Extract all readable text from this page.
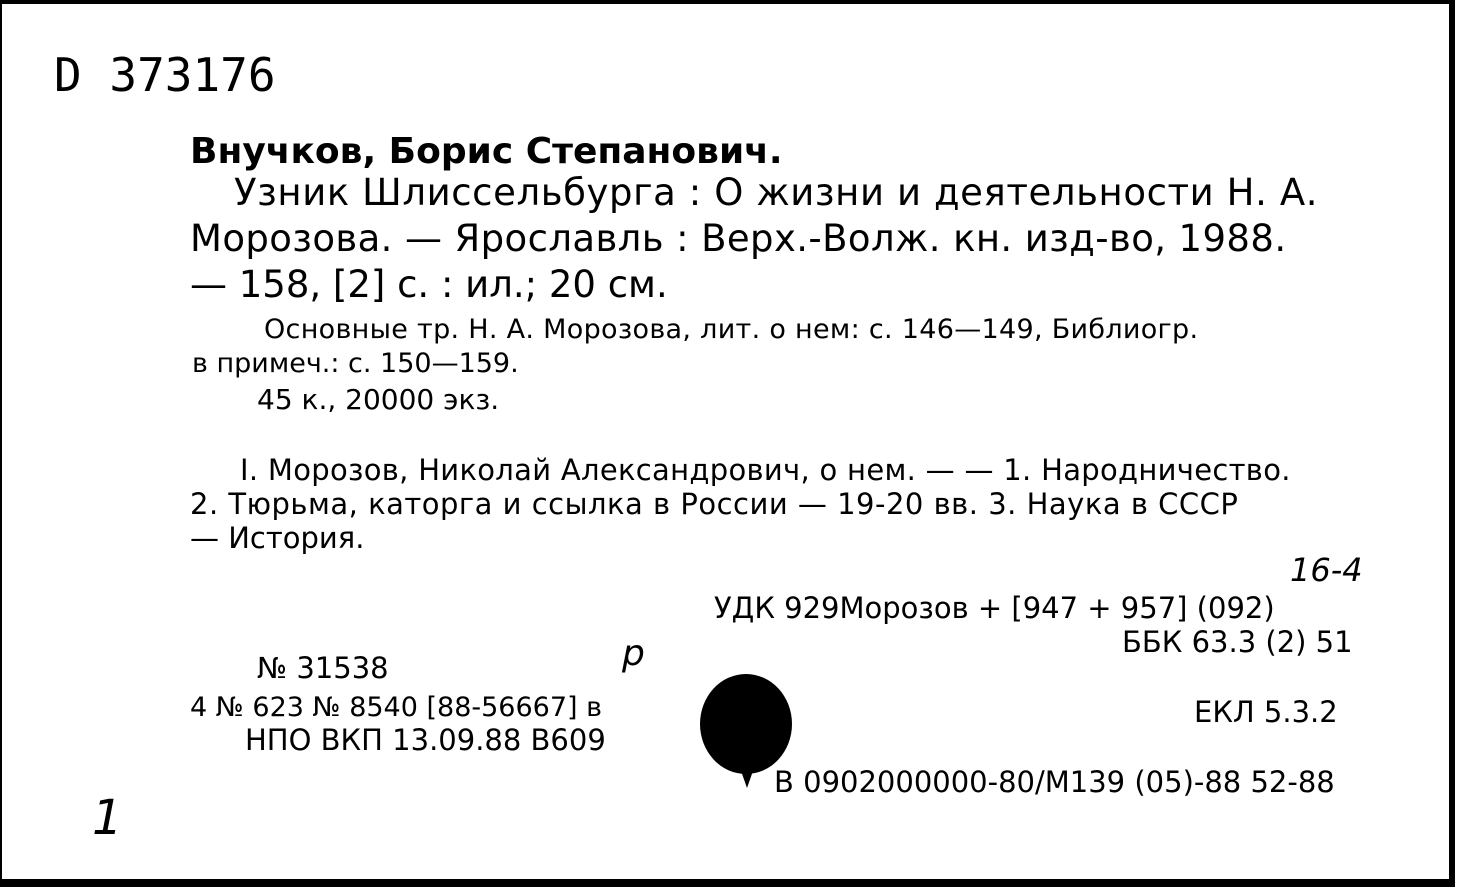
D 373176
Внучков, Борис Степанович.
Узник Шлиссельбурга : О жизни и деятельности Н. А.
Морозова. — Ярославль : Верх.-Волж. кн. изд-во, 1988.
— 158, [2] с. : ил.; 20 см.
Основные тр. Н. А. Морозова, лит. о нем: с. 146—149, Библиогр.
в примеч.: с. 150—159.
45 к., 20000 экз.
I. Морозов, Николай Александрович, о нем. — — 1. Народничество.
2. Тюрьма, каторга и ссылка в России — 19-20 вв. 3. Наука в СССР
— История.
16-4
УДК 929Морозов + [947 + 957] (092)
ББК 63.3 (2) 51
р
№ 31538
4 № 623 № 8540 [88-56667] в
НПО ВКП 13.09.88 В609
ЕКЛ 5.3.2
В 0902000000-80/М139 (05)-88 52-88
1
